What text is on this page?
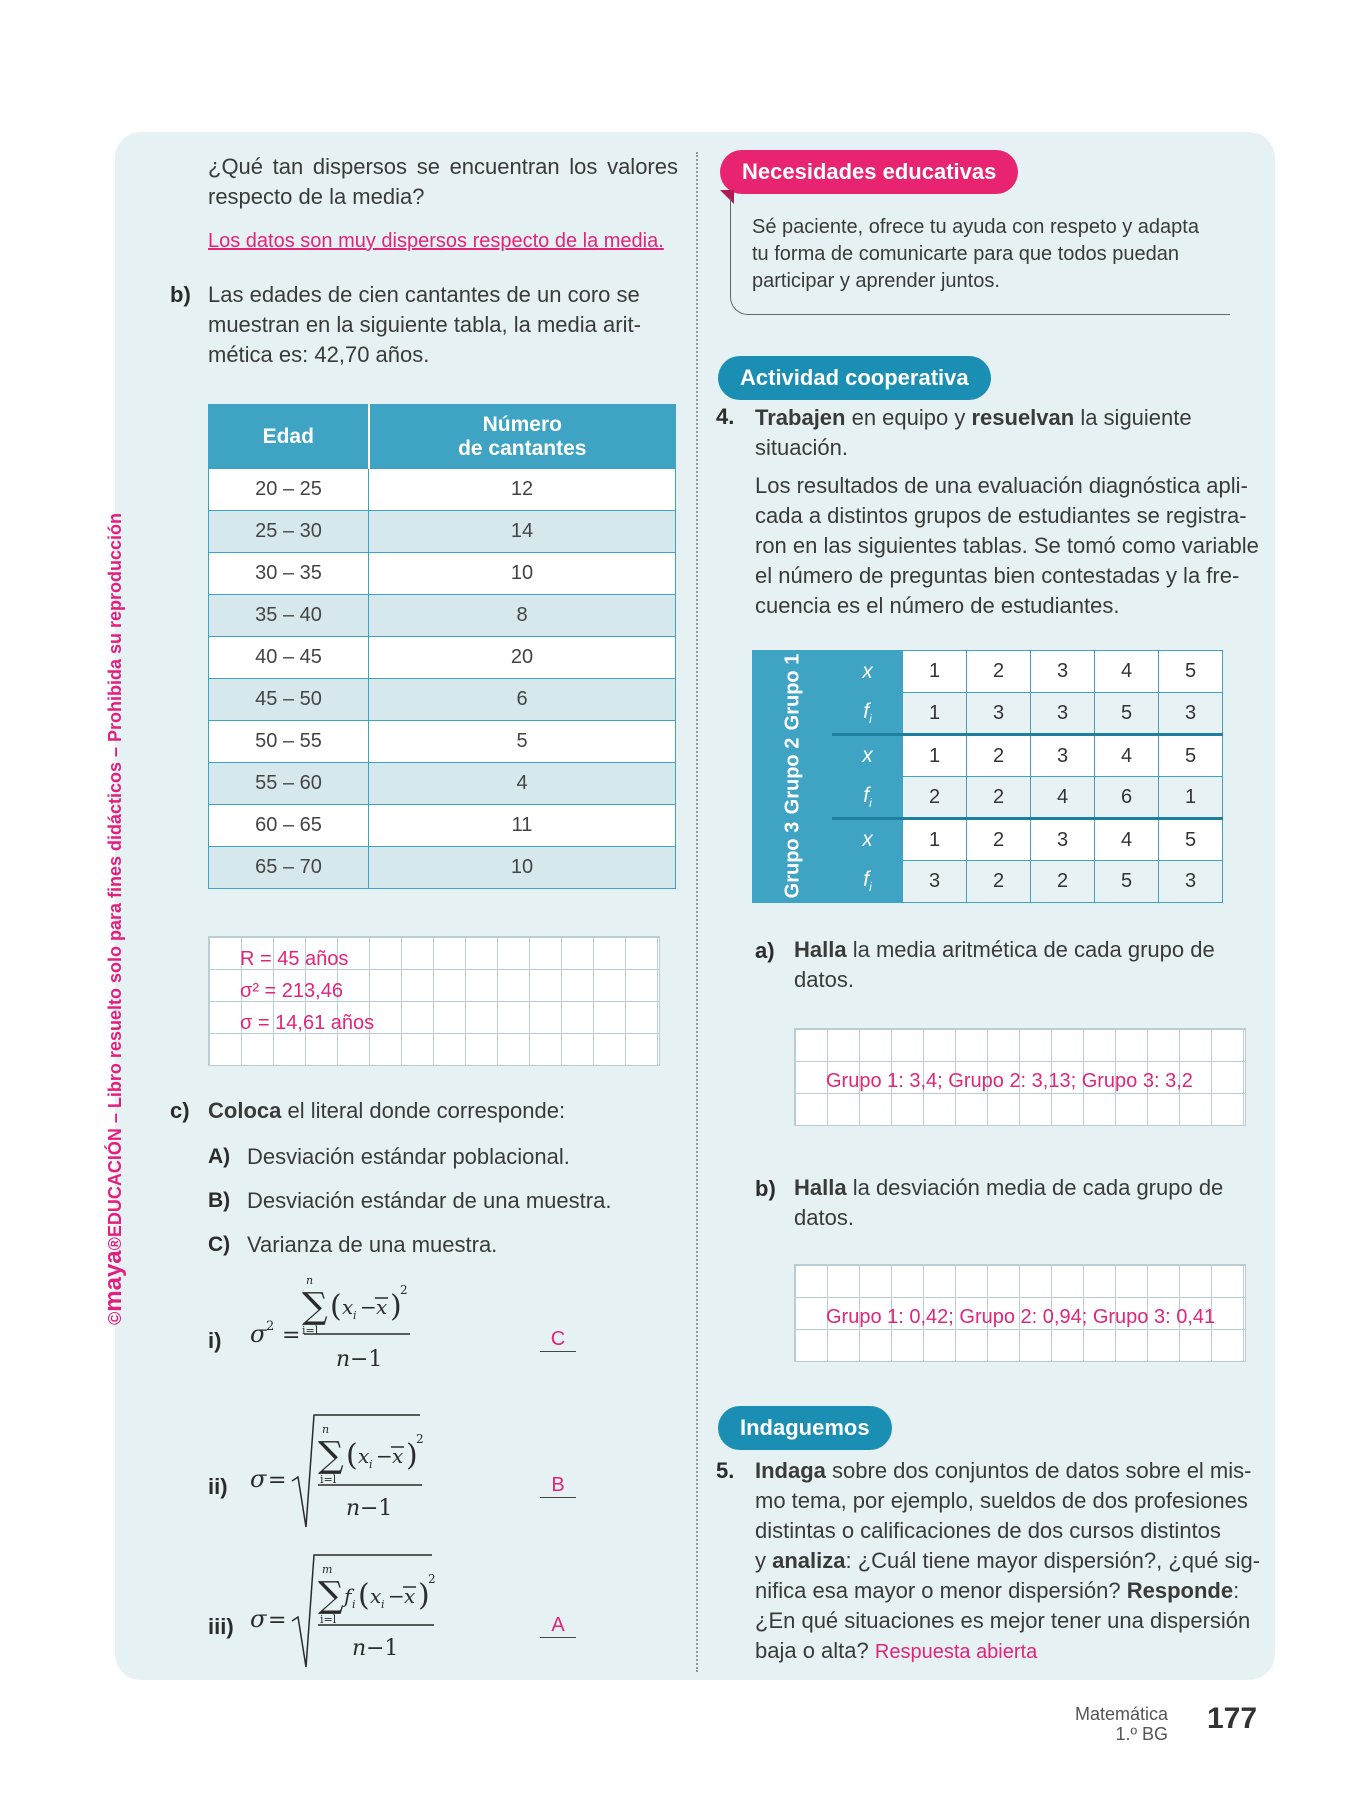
©maya®EDUCACIÓN – Libro resuelto solo para fines didácticos – Prohibida su reproducción
¿Qué tan dispersos se encuentran los valores
respecto de la media?
Los datos son muy dispersos respecto de la media.
b) Las edades de cien cantantes de un coro se
muestran en la siguiente tabla, la media arit-
mética es: 42,70 años.
Edad	Número
de cantantes
20 – 25	12
25 – 30	14
30 – 35	10
35 – 40	8
40 – 45	20
45 – 50	6
50 – 55	5
55 – 60	4
60 – 65	11
65 – 70	10
R = 45 años
σ² = 213,46
σ = 14,61 años
c) Coloca el literal donde corresponde:
A) Desviación estándar poblacional.
B) Desviación estándar de una muestra.
C) Varianza de una muestra.
i) σ 2 =
n
∑
i=l
( x i − x )
2
n −1
C
ii) σ =
n
∑
i=l
( x i − x )
2
n −1
B
iii) σ =
m
∑
i=l
f i ( x i − x )
2
n −1
A
Necesidades educativas
Sé paciente, ofrece tu ayuda con respeto y adapta
tu forma de comunicarte para que todos puedan
participar y aprender juntos.
Actividad cooperativa
4. Trabajen en equipo y resuelvan la siguiente
situación.
Los resultados de una evaluación diagnóstica apli-
cada a distintos grupos de estudiantes se registra-
ron en las siguientes tablas. Se tomó como variable
el número de preguntas bien contestadas y la fre-
cuencia es el número de estudiantes.
Grupo 1	x	1	2	3	4	5
	$f_i$	1	3	3	5	3
Grupo 2	x	1	2	3	4	5
	$f_i$	2	2	4	6	1
Grupo 3	x	1	2	3	4	5
	$f_i$	3	2	2	5	3
a) Halla la media aritmética de cada grupo de
datos.
Grupo 1: 3,4; Grupo 2: 3,13; Grupo 3: 3,2
b) Halla la desviación media de cada grupo de
datos.
Grupo 1: 0,42; Grupo 2: 0,94; Grupo 3: 0,41
Indaguemos
5. Indaga sobre dos conjuntos de datos sobre el mis-
mo tema, por ejemplo, sueldos de dos profesiones
distintas o calificaciones de dos cursos distintos
y analiza: ¿Cuál tiene mayor dispersión?, ¿qué sig-
nifica esa mayor o menor dispersión? Responde:
¿En qué situaciones es mejor tener una dispersión
baja o alta? Respuesta abierta
Matemática
1.º BG 177
